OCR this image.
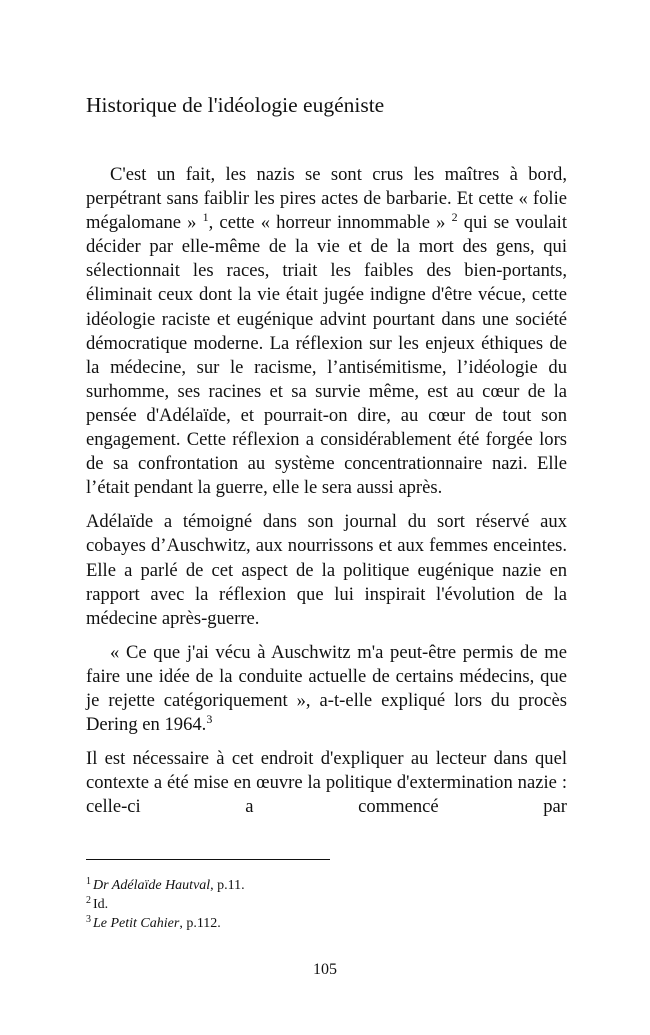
Historique de l'idéologie eugéniste

C'est un fait, les nazis se sont crus les maîtres à bord, perpétrant sans faiblir les pires actes de barbarie. Et cette « folie mégalomane » $^1$, cette « horreur innommable » $^2$ qui se voulait décider par elle-même de la vie et de la mort des gens, qui sélectionnait les races, triait les faibles des bien-portants, éliminait ceux dont la vie était jugée indigne d'être vécue, cette idéologie raciste et eugénique advint pourtant dans une société démocratique moderne. La réflexion sur les enjeux éthiques de la médecine, sur le racisme, l’antisémitisme, l’idéologie du surhomme, ses racines et sa survie même, est au cœur de la pensée d'Adélaïde, et pourrait-on dire, au cœur de tout son engagement. Cette réflexion a considérablement été forgée lors de sa confrontation au système concentrationnaire nazi. Elle l’était pendant la guerre, elle le sera aussi après.

Adélaïde a témoigné dans son journal du sort réservé aux cobayes d’Auschwitz, aux nourrissons et aux femmes enceintes. Elle a parlé de cet aspect de la politique eugénique nazie en rapport avec la réflexion que lui inspirait l'évolution de la médecine après-guerre.

« Ce que j'ai vécu à Auschwitz m'a peut-être permis de me faire une idée de la conduite actuelle de certains médecins, que je rejette catégoriquement », a-t-elle expliqué lors du procès Dering en 1964.$^3$

Il est nécessaire à cet endroit d'expliquer au lecteur dans quel contexte a été mise en œuvre la politique d'extermination nazie : celle-ci a commencé par

$^1$ Dr Adélaïde Hautval, p.11.
$^2$ Id.
$^3$ Le Petit Cahier, p.112.
105
